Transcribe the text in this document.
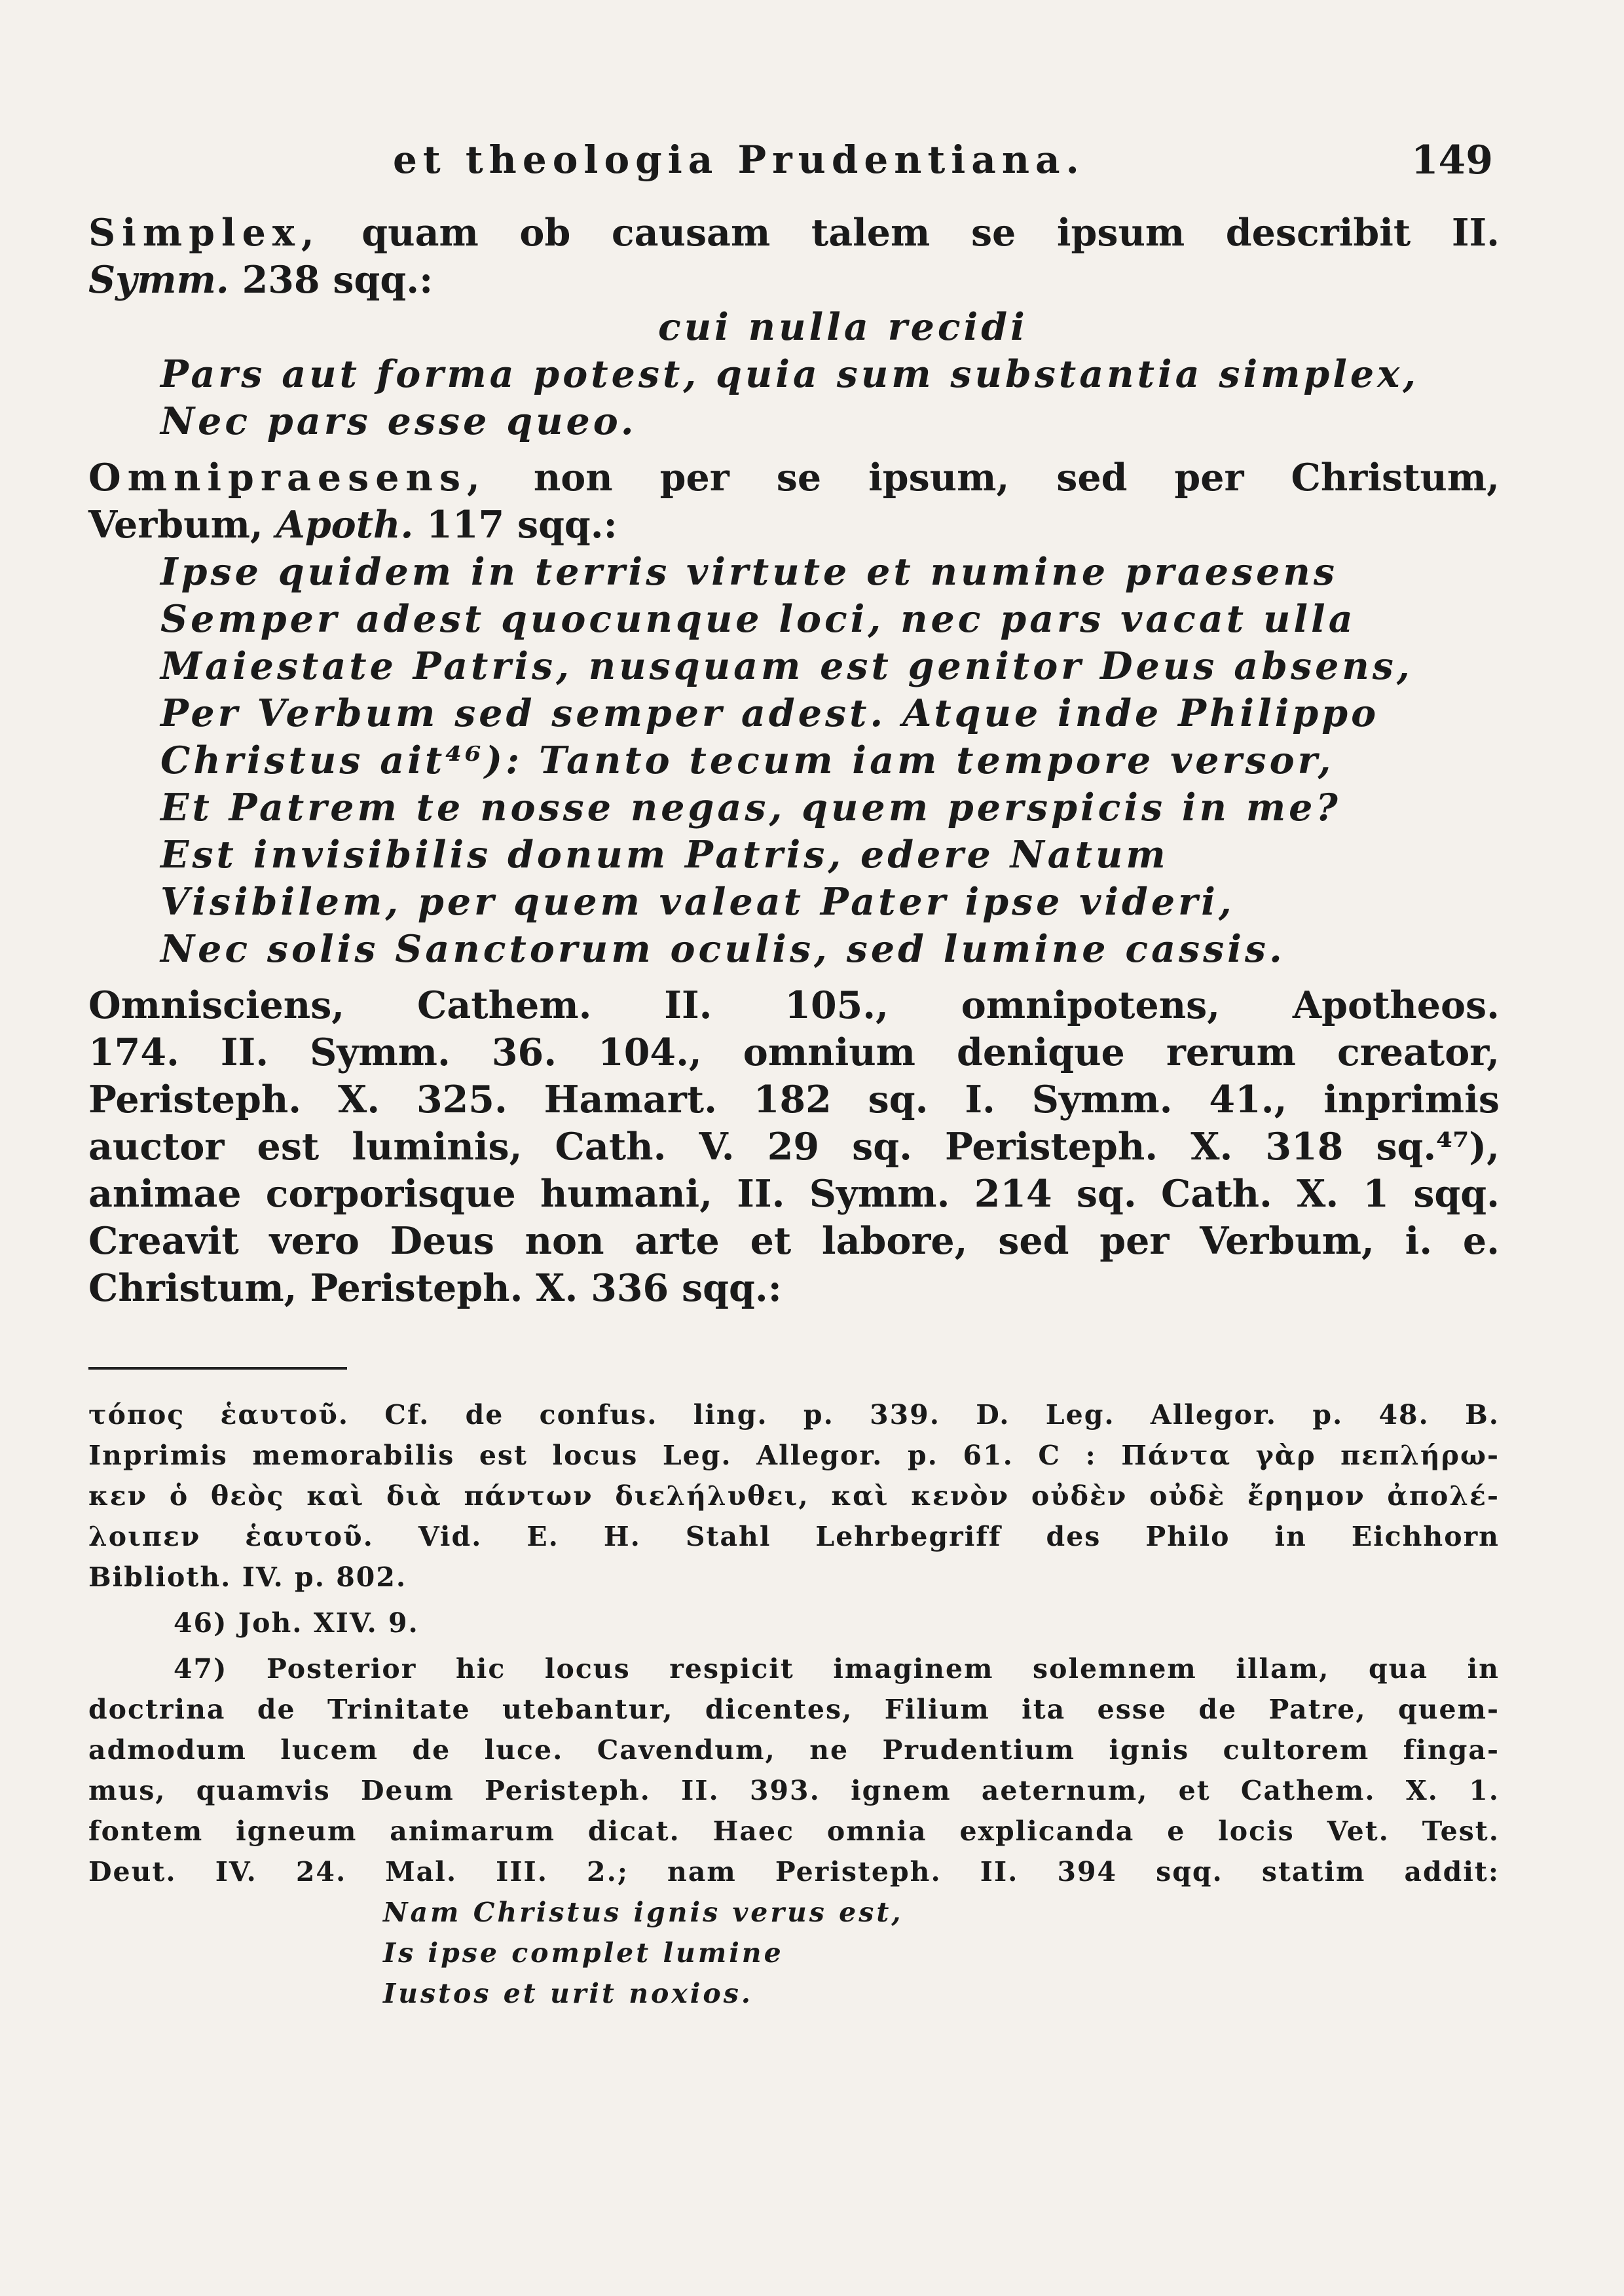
et theologia Prudentiana.	149

Simplex, quam ob causam talem se ipsum describit II.

Symm. 238 sqq.:

cui nulla recidi
Pars aut forma potest, quia sum substantia simplex,
Nec pars esse queo.

Omnipraesens, non per se ipsum, sed per Christum,

Verbum, Apoth. 117 sqq.:

Ipse quidem in terris virtute et numine praesens
Semper adest quocunque loci, nec pars vacat ulla
Maiestate Patris, nusquam est genitor Deus absens,
Per Verbum sed semper adest. Atque inde Philippo
Christus ait⁴⁶): Tanto tecum iam tempore versor,
Et Patrem te nosse negas, quem perspicis in me?
Est invisibilis donum Patris, edere Natum
Visibilem, per quem valeat Pater ipse videri,
Nec solis Sanctorum oculis, sed lumine cassis.

Omnisciens, Cathem. II. 105., omnipotens, Apotheos.

174. II. Symm. 36. 104., omnium denique rerum creator,

Peristeph. X. 325. Hamart. 182 sq. I. Symm. 41., inprimis

auctor est luminis, Cath. V. 29 sq. Peristeph. X. 318 sq.⁴⁷),

animae corporisque humani, II. Symm. 214 sq. Cath. X. 1 sqq.

Creavit vero Deus non arte et labore, sed per Verbum, i. e.

Christum, Peristeph. X. 336 sqq.:

τόπος ἑαυτοῦ. Cf. de confus. ling. p. 339. D. Leg. Allegor. p. 48. B.

Inprimis memorabilis est locus Leg. Allegor. p. 61. C : Πάντα γὰρ πεπλήρω-

κεν ὁ θεὸς καὶ διὰ πάντων διελήλυθει, καὶ κενὸν οὐδὲν οὐδὲ ἔρημον ἀπολέ-

λοιπεν ἑαυτοῦ. Vid. E. H. Stahl Lehrbegriff des Philo in Eichhorn

Biblioth. IV. p. 802.

46) Joh. XIV. 9.

47) Posterior hic locus respicit imaginem solemnem illam, qua in

doctrina de Trinitate utebantur, dicentes, Filium ita esse de Patre, quem-

admodum lucem de luce. Cavendum, ne Prudentium ignis cultorem finga-

mus, quamvis Deum Peristeph. II. 393. ignem aeternum, et Cathem. X. 1.

fontem igneum animarum dicat. Haec omnia explicanda e locis Vet. Test.

Deut. IV. 24. Mal. III. 2.; nam Peristeph. II. 394 sqq. statim addit:

Nam Christus ignis verus est,
Is ipse complet lumine
Iustos et urit noxios.
